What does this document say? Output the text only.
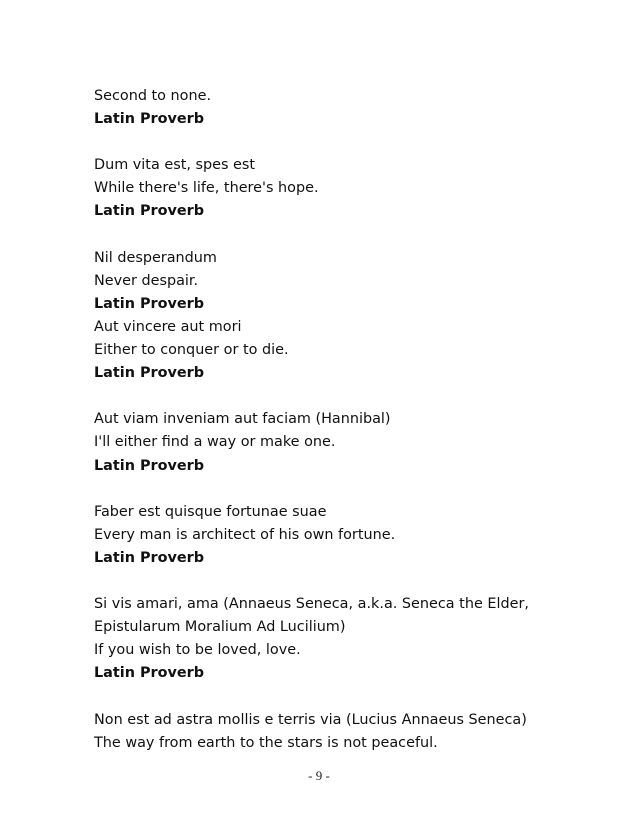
Second to none.
Latin Proverb
Dum vita est, spes est
While there's life, there's hope.
Latin Proverb
Nil desperandum
Never despair.
Latin Proverb
Aut vincere aut mori
Either to conquer or to die.
Latin Proverb
Aut viam inveniam aut faciam (Hannibal)
I'll either find a way or make one.
Latin Proverb
Faber est quisque fortunae suae
Every man is architect of his own fortune.
Latin Proverb
Si vis amari, ama (Annaeus Seneca, a.k.a. Seneca the Elder,
Epistularum Moralium Ad Lucilium)
If you wish to be loved, love.
Latin Proverb
Non est ad astra mollis e terris via (Lucius Annaeus Seneca)
The way from earth to the stars is not peaceful.
- 9 -
